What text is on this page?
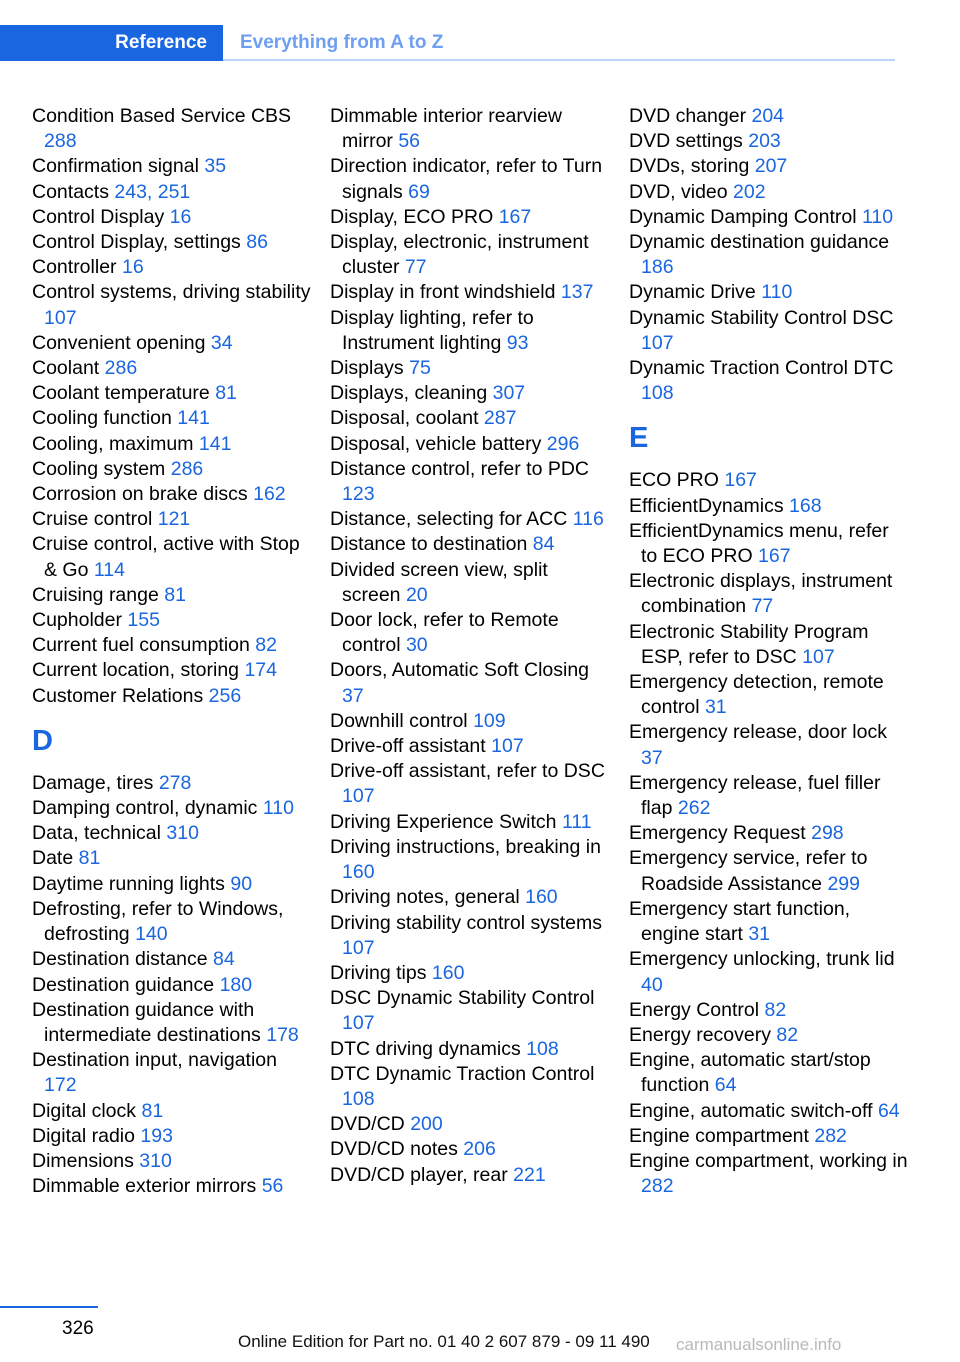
Reference	Everything from A to Z

Condition Based Service CBS 288

Confirmation signal 35

Contacts 243, 251

Control Display 16

Control Display, settings 86

Controller 16

Control systems, driving stability 107

Convenient opening 34

Coolant 286

Coolant temperature 81

Cooling function 141

Cooling, maximum 141

Cooling system 286

Corrosion on brake discs 162

Cruise control 121

Cruise control, active with Stop & Go 114

Cruising range 81

Cupholder 155

Current fuel consumption 82

Current location, storing 174

Customer Relations 256

D

Damage, tires 278

Damping control, dynamic 110

Data, technical 310

Date 81

Daytime running lights 90

Defrosting, refer to Windows, defrosting 140

Destination distance 84

Destination guidance 180

Destination guidance with intermediate destinations 178

Destination input, navigation 172

Digital clock 81

Digital radio 193

Dimensions 310

Dimmable exterior mirrors 56

Dimmable interior rearview mirror 56

Direction indicator, refer to Turn signals 69

Display, ECO PRO 167

Display, electronic, instrument cluster 77

Display in front windshield 137

Display lighting, refer to Instrument lighting 93

Displays 75

Displays, cleaning 307

Disposal, coolant 287

Disposal, vehicle battery 296

Distance control, refer to PDC 123

Distance, selecting for ACC 116

Distance to destination 84

Divided screen view, split screen 20

Door lock, refer to Remote control 30

Doors, Automatic Soft Closing 37

Downhill control 109

Drive-off assistant 107

Drive-off assistant, refer to DSC 107

Driving Experience Switch 111

Driving instructions, breaking in 160

Driving notes, general 160

Driving stability control systems 107

Driving tips 160

DSC Dynamic Stability Control 107

DTC driving dynamics 108

DTC Dynamic Traction Control 108

DVD/CD 200

DVD/CD notes 206

DVD/CD player, rear 221

DVD changer 204

DVD settings 203

DVDs, storing 207

DVD, video 202

Dynamic Damping Control 110

Dynamic destination guidance 186

Dynamic Drive 110

Dynamic Stability Control DSC 107

Dynamic Traction Control DTC 108

E

ECO PRO 167

EfficientDynamics 168

EfficientDynamics menu, refer to ECO PRO 167

Electronic displays, instrument combination 77

Electronic Stability Program ESP, refer to DSC 107

Emergency detection, remote control 31

Emergency release, door lock 37

Emergency release, fuel filler flap 262

Emergency Request 298

Emergency service, refer to Roadside Assistance 299

Emergency start function, engine start 31

Emergency unlocking, trunk lid 40

Energy Control 82

Energy recovery 82

Engine, automatic start/stop function 64

Engine, automatic switch-off 64

Engine compartment 282

Engine compartment, working in 282

326
Online Edition for Part no. 01 40 2 607 879 - 09 11 490 carmanualsonline.info
